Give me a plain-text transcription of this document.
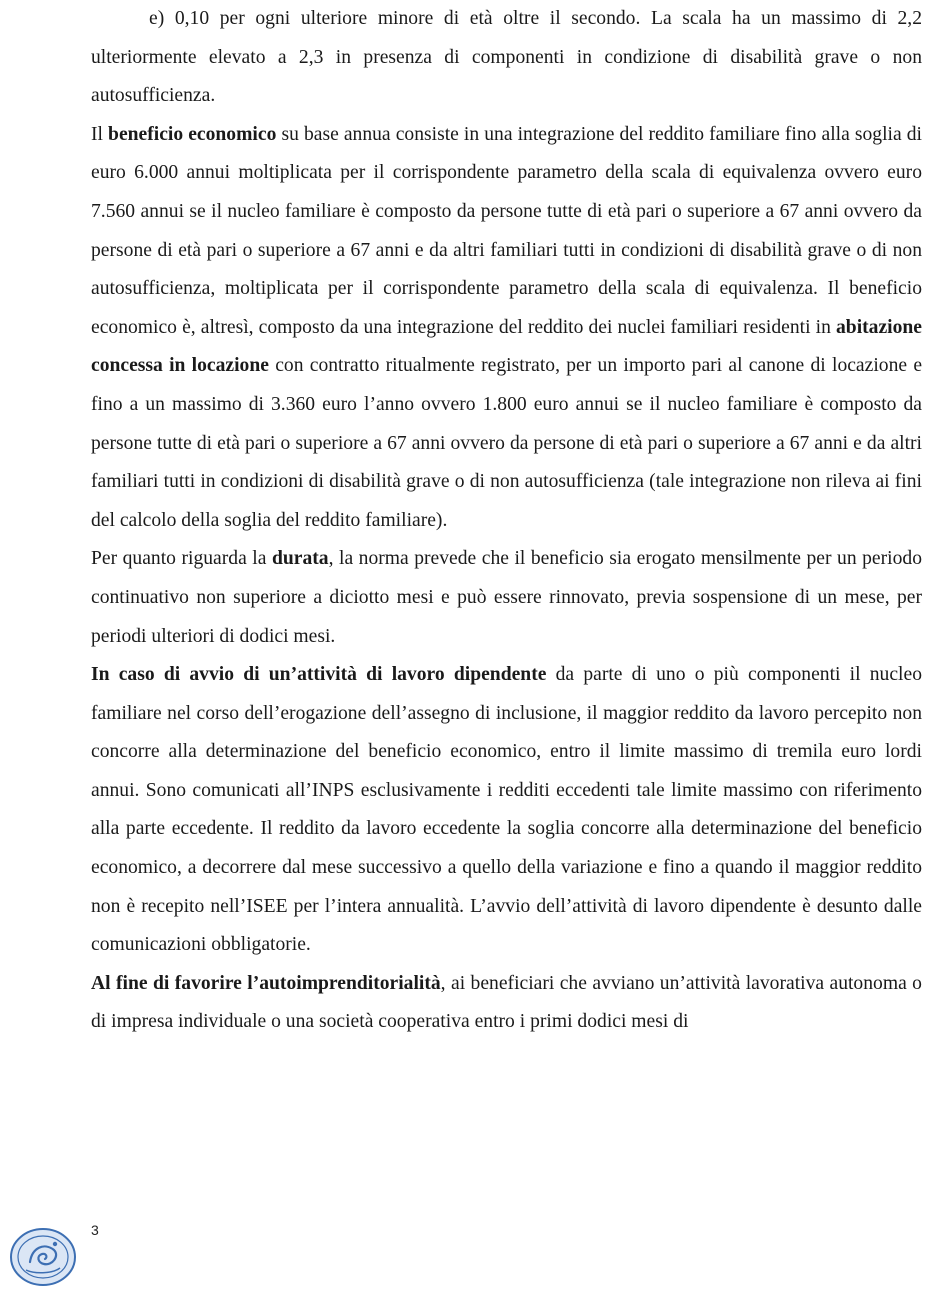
e) 0,10 per ogni ulteriore minore di età oltre il secondo. La scala ha un massimo di 2,2 ulteriormente elevato a 2,3 in presenza di componenti in condizione di disabilità grave o non autosufficienza.

Il beneficio economico su base annua consiste in una integrazione del reddito familiare fino alla soglia di euro 6.000 annui moltiplicata per il corrispondente parametro della scala di equivalenza ovvero euro 7.560 annui se il nucleo familiare è composto da persone tutte di età pari o superiore a 67 anni ovvero da persone di età pari o superiore a 67 anni e da altri familiari tutti in condizioni di disabilità grave o di non autosufficienza, moltiplicata per il corrispondente parametro della scala di equivalenza. Il beneficio economico è, altresì, composto da una integrazione del reddito dei nuclei familiari residenti in abitazione concessa in locazione con contratto ritualmente registrato, per un importo pari al canone di locazione e fino a un massimo di 3.360 euro l’anno ovvero 1.800 euro annui se il nucleo familiare è composto da persone tutte di età pari o superiore a 67 anni ovvero da persone di età pari o superiore a 67 anni e da altri familiari tutti in condizioni di disabilità grave o di non autosufficienza (tale integrazione non rileva ai fini del calcolo della soglia del reddito familiare).

Per quanto riguarda la durata, la norma prevede che il beneficio sia erogato mensilmente per un periodo continuativo non superiore a diciotto mesi e può essere rinnovato, previa sospensione di un mese, per periodi ulteriori di dodici mesi.

In caso di avvio di un’attività di lavoro dipendente da parte di uno o più componenti il nucleo familiare nel corso dell’erogazione dell’assegno di inclusione, il maggior reddito da lavoro percepito non concorre alla determinazione del beneficio economico, entro il limite massimo di tremila euro lordi annui. Sono comunicati all’INPS esclusivamente i redditi eccedenti tale limite massimo con riferimento alla parte eccedente. Il reddito da lavoro eccedente la soglia concorre alla determinazione del beneficio economico, a decorrere dal mese successivo a quello della variazione e fino a quando il maggior reddito non è recepito nell’ISEE per l’intera annualità. L’avvio dell’attività di lavoro dipendente è desunto dalle comunicazioni obbligatorie.

Al fine di favorire l’autoimprenditorialità, ai beneficiari che avviano un’attività lavorativa autonoma o di impresa individuale o una società cooperativa entro i primi dodici mesi di

3
